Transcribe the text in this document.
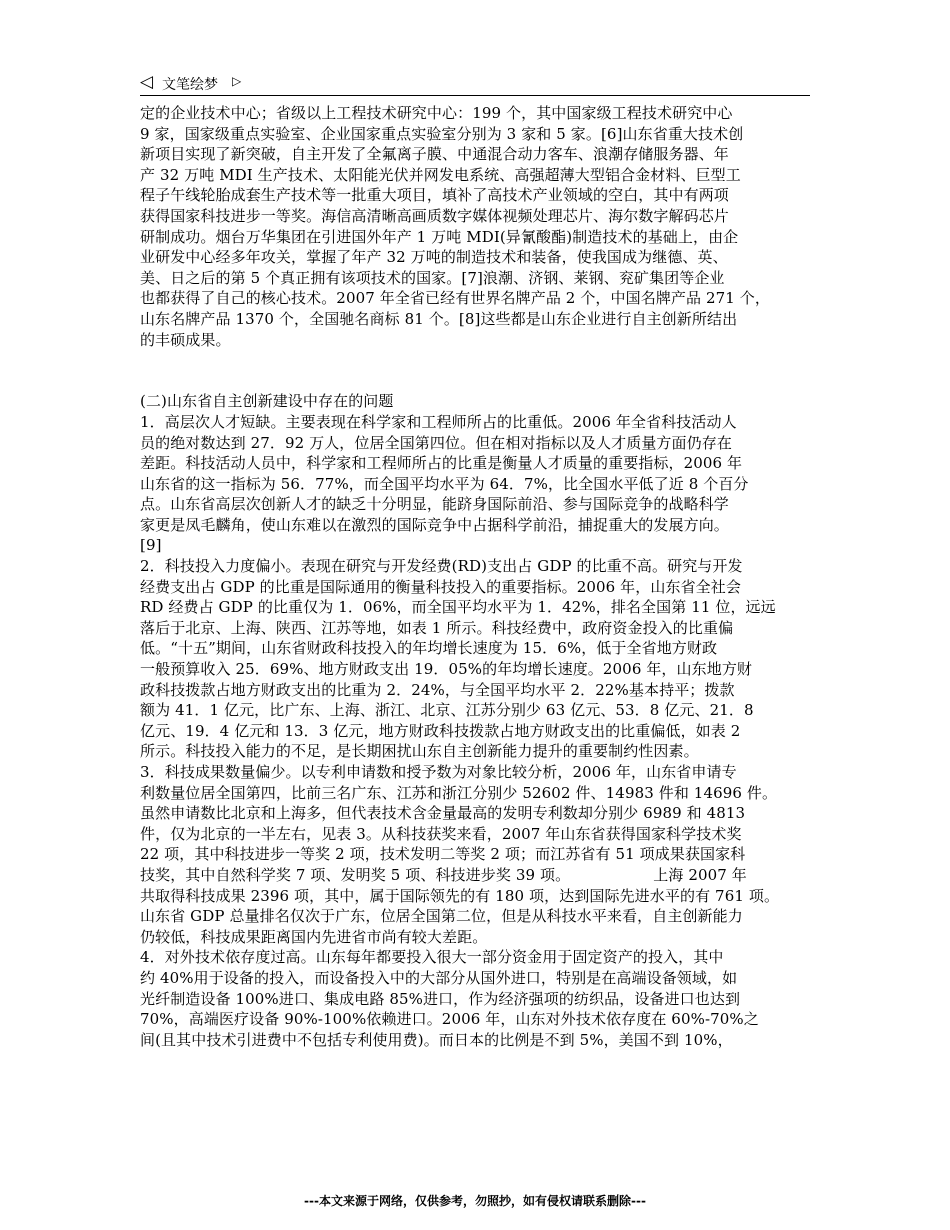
◁ 文笔绘梦 ▷
定的企业技术中心；省级以上工程技术研究中心：199 个，其中国家级工程技术研究中心
9 家，国家级重点实验室、企业国家重点实验室分别为 3 家和 5 家。[6]山东省重大技术创
新项目实现了新突破，自主开发了全氟离子膜、中通混合动力客车、浪潮存储服务器、年
产 32 万吨 MDI 生产技术、太阳能光伏并网发电系统、高强超薄大型铝合金材料、巨型工
程子午线轮胎成套生产技术等一批重大项目，填补了高技术产业领域的空白，其中有两项
获得国家科技进步一等奖。海信高清晰高画质数字媒体视频处理芯片、海尔数字解码芯片
研制成功。烟台万华集团在引进国外年产 1 万吨 MDI(异氰酸酯)制造技术的基础上，由企
业研发中心经多年攻关，掌握了年产 32 万吨的制造技术和装备，使我国成为继德、英、
美、日之后的第 5 个真正拥有该项技术的国家。[7]浪潮、济钢、莱钢、兖矿集团等企业
也都获得了自己的核心技术。2007 年全省已经有世界名牌产品 2 个，中国名牌产品 271 个，
山东名牌产品 1370 个，全国驰名商标 81 个。[8]这些都是山东企业进行自主创新所结出
的丰硕成果。
(二)山东省自主创新建设中存在的问题
1．高层次人才短缺。主要表现在科学家和工程师所占的比重低。2006 年全省科技活动人
员的绝对数达到 27．92 万人，位居全国第四位。但在相对指标以及人才质量方面仍存在
差距。科技活动人员中，科学家和工程师所占的比重是衡量人才质量的重要指标，2006 年
山东省的这一指标为 56．77%，而全国平均水平为 64．7%，比全国水平低了近 8 个百分
点。山东省高层次创新人才的缺乏十分明显，能跻身国际前沿、参与国际竞争的战略科学
家更是凤毛麟角，使山东难以在激烈的国际竞争中占据科学前沿，捕捉重大的发展方向。
[9]
2．科技投入力度偏小。表现在研究与开发经费(RD)支出占 GDP 的比重不高。研究与开发
经费支出占 GDP 的比重是国际通用的衡量科技投入的重要指标。2006 年，山东省全社会
RD 经费占 GDP 的比重仅为 1．06%，而全国平均水平为 1．42%，排名全国第 11 位，远远
落后于北京、上海、陕西、江苏等地，如表 1 所示。科技经费中，政府资金投入的比重偏
低。“十五”期间，山东省财政科技投入的年均增长速度为 15．6%，低于全省地方财政
一般预算收入 25．69%、地方财政支出 19．05%的年均增长速度。2006 年，山东地方财
政科技拨款占地方财政支出的比重为 2．24%，与全国平均水平 2．22%基本持平；拨款
额为 41．1 亿元，比广东、上海、浙江、北京、江苏分别少 63 亿元、53．8 亿元、21．8
亿元、19．4 亿元和 13．3 亿元，地方财政科技拨款占地方财政支出的比重偏低，如表 2
所示。科技投入能力的不足，是长期困扰山东自主创新能力提升的重要制约性因素。
3．科技成果数量偏少。以专利申请数和授予数为对象比较分析，2006 年，山东省申请专
利数量位居全国第四，比前三名广东、江苏和浙江分别少 52602 件、14983 件和 14696 件。
虽然申请数比北京和上海多，但代表技术含金量最高的发明专利数却分别少 6989 和 4813
件，仅为北京的一半左右，见表 3。从科技获奖来看，2007 年山东省获得国家科学技术奖
22 项，其中科技进步一等奖 2 项，技术发明二等奖 2 项；而江苏省有 51 项成果获国家科
技奖，其中自然科学奖 7 项、发明奖 5 项、科技进步奖 39 项。　　　　　　上海 2007 年
共取得科技成果 2396 项，其中，属于国际领先的有 180 项，达到国际先进水平的有 761 项。
山东省 GDP 总量排名仅次于广东，位居全国第二位，但是从科技水平来看，自主创新能力
仍较低，科技成果距离国内先进省市尚有较大差距。
4．对外技术依存度过高。山东每年都要投入很大一部分资金用于固定资产的投入，其中
约 40%用于设备的投入，而设备投入中的大部分从国外进口，特别是在高端设备领域，如
光纤制造设备 100%进口、集成电路 85%进口，作为经济强项的纺织品，设备进口也达到
70%，高端医疗设备 90%-100%依赖进口。2006 年，山东对外技术依存度在 60%-70%之
间(且其中技术引进费中不包括专利使用费)。而日本的比例是不到 5%，美国不到 10%，
---本文来源于网络，仅供参考，勿照抄，如有侵权请联系删除---
